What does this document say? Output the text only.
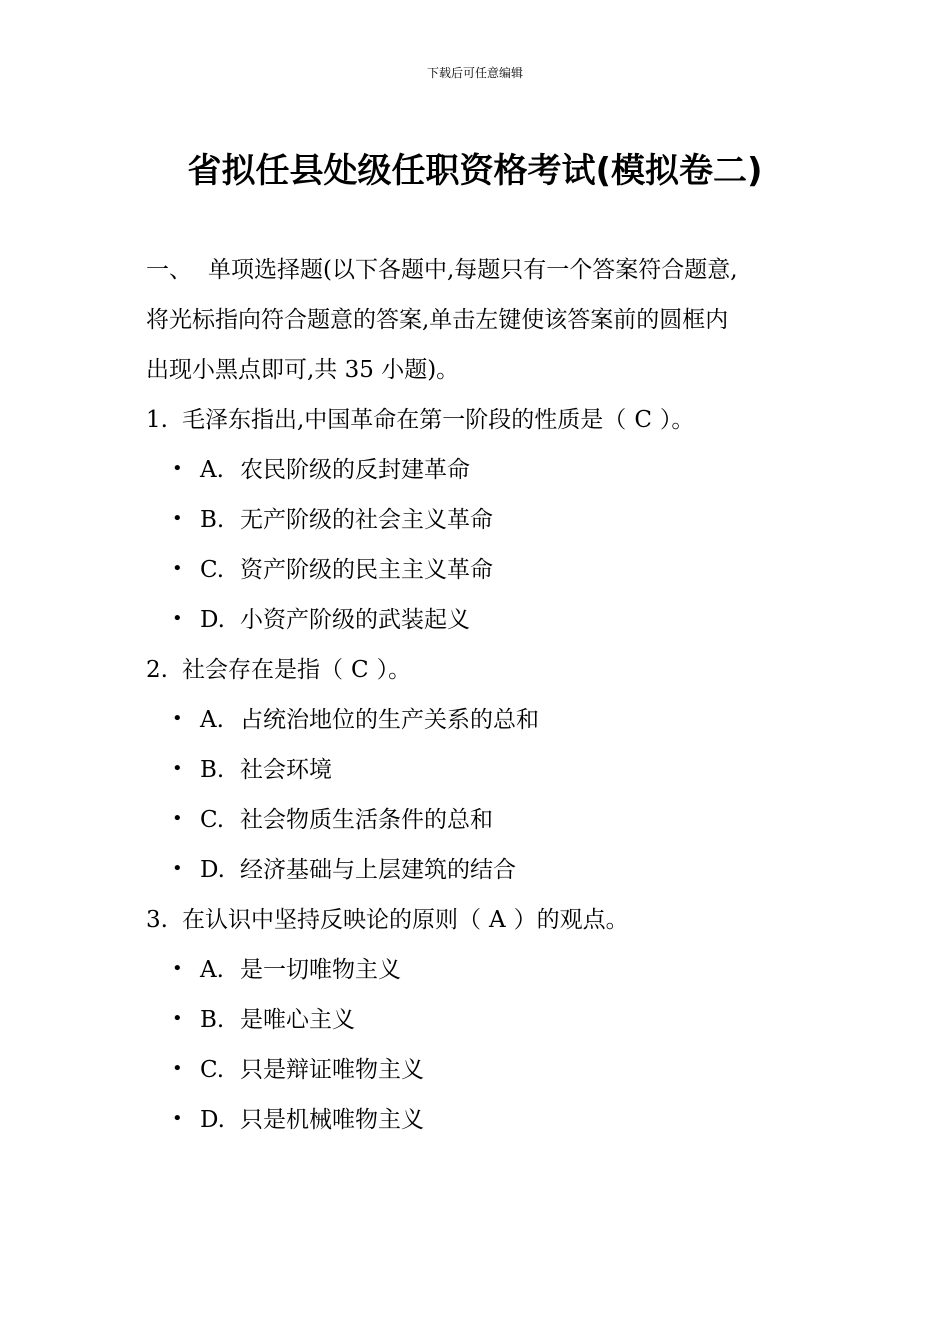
下载后可任意编辑
省拟任县处级任职资格考试(模拟卷二)
一、 单项选择题(以下各题中,每题只有一个答案符合题意,
将光标指向符合题意的答案,单击左键使该答案前的圆框内
出现小黑点即可,共 35 小题)。
1. 毛泽东指出,中国革命在第一阶段的性质是（ C ）。
• A. 农民阶级的反封建革命
• B. 无产阶级的社会主义革命
• C. 资产阶级的民主主义革命
• D. 小资产阶级的武装起义
2. 社会存在是指（ C ）。
• A. 占统治地位的生产关系的总和
• B. 社会环境
• C. 社会物质生活条件的总和
• D. 经济基础与上层建筑的结合
3. 在认识中坚持反映论的原则（ A ）的观点。
• A. 是一切唯物主义
• B. 是唯心主义
• C. 只是辩证唯物主义
• D. 只是机械唯物主义
